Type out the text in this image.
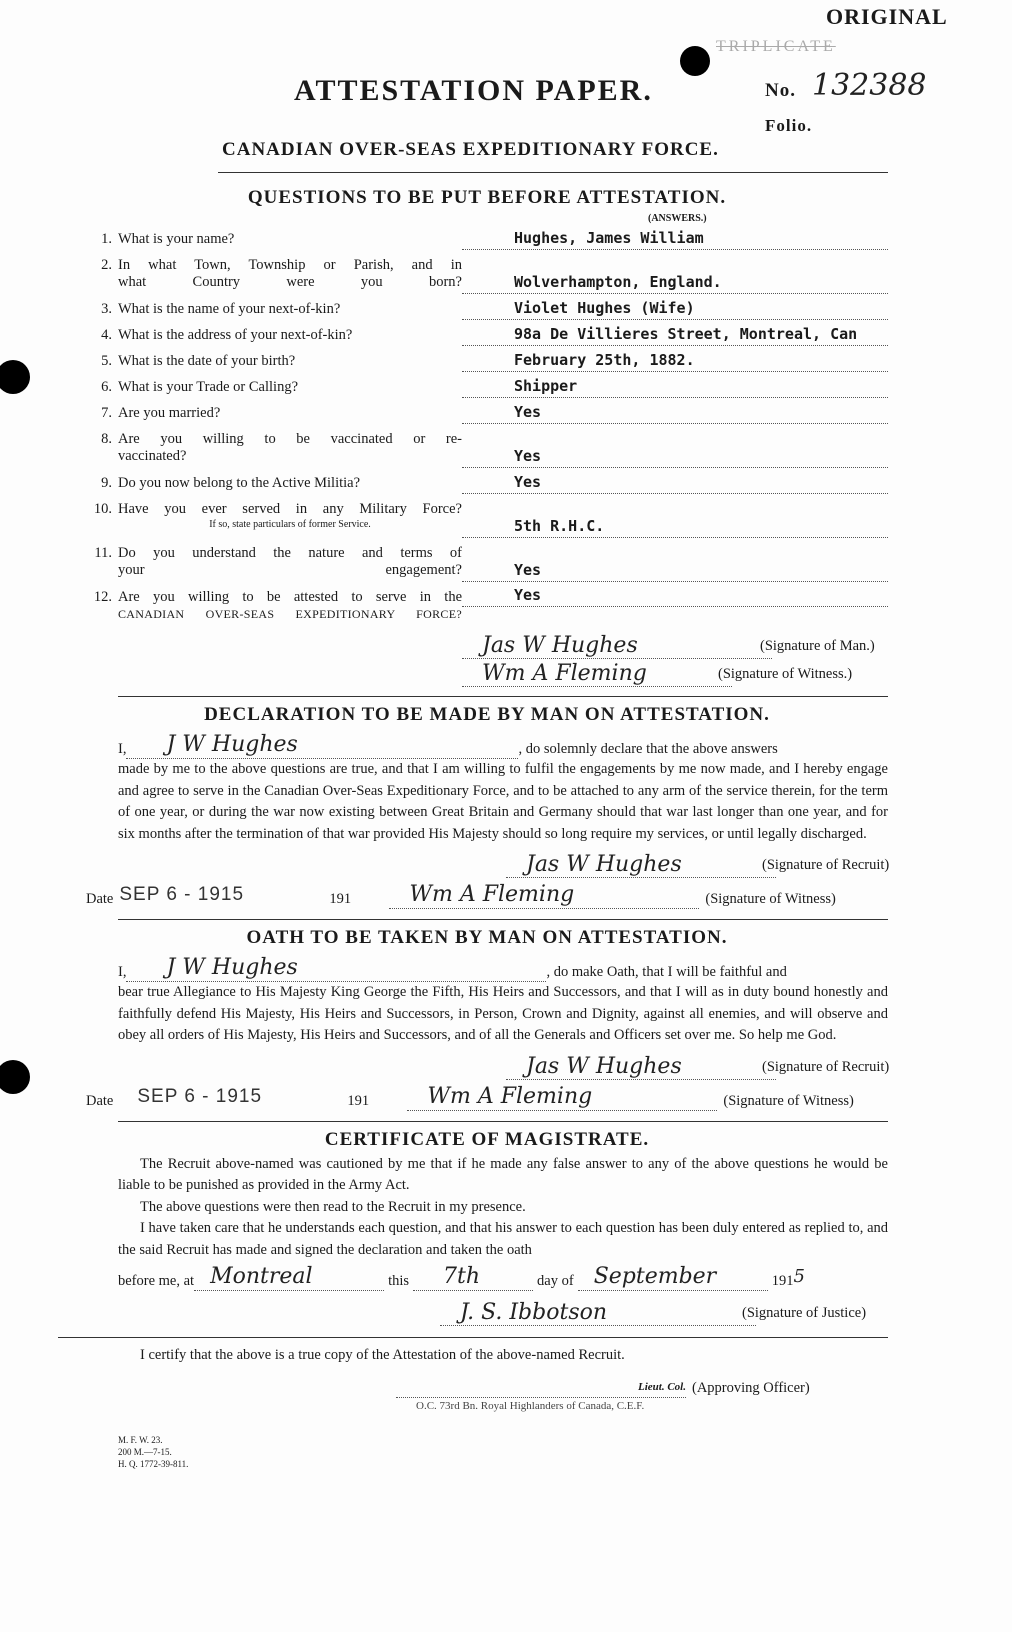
ORIGINAL
TRIPLICATE
No. 132388
ATTESTATION PAPER.
Folio.
CANADIAN OVER-SEAS EXPEDITIONARY FORCE.
QUESTIONS TO BE PUT BEFORE ATTESTATION.
(ANSWERS.)
1. What is your name?	Hughes, James William
2. In what Town, Township or Parish, and in
what Country were you born?	Wolverhampton, England.
3. What is the name of your next-of-kin?	Violet Hughes (Wife)
4. What is the address of your next-of-kin?	98a De Villieres Street, Montreal, Can
5. What is the date of your birth?	February 25th, 1882.
6. What is your Trade or Calling?	Shipper
7. Are you married?	Yes
8. Are you willing to be vaccinated or re-
vaccinated?	Yes
9. Do you now belong to the Active Militia?	Yes
10. Have you ever served in any Military Force?
If so, state particulars of former Service.	5th R.H.C.
11. Do you understand the nature and terms of
your engagement?	Yes
12. Are you willing to be attested to serve in the
CANADIAN OVER-SEAS EXPEDITIONARY FORCE?
Yes
Jas W Hughes	(Signature of Man.)
Wm A Fleming	(Signature of Witness.)
DECLARATION TO BE MADE BY MAN ON ATTESTATION.
I,	J W Hughes	, do solemnly declare that the above answers
made by me to the above questions are true, and that I am willing to fulfil the engagements by me now made, and I hereby engage and agree to serve in the Canadian Over-Seas Expeditionary Force, and to be attached to any arm of the service therein, for the term of one year, or during the war now existing between Great Britain and Germany should that war last longer than one year, and for six months after the termination of that war provided His Majesty should so long require my services, or until legally discharged.
Jas W Hughes	(Signature of Recruit)
Date SEP 6 - 1915	191	Wm A Fleming	(Signature of Witness)
OATH TO BE TAKEN BY MAN ON ATTESTATION.
I,	J W Hughes	, do make Oath, that I will be faithful and
bear true Allegiance to His Majesty King George the Fifth, His Heirs and Successors, and that I will as in duty bound honestly and faithfully defend His Majesty, His Heirs and Successors, in Person, Crown and Dignity, against all enemies, and will observe and obey all orders of His Majesty, His Heirs and Successors, and of all the Generals and Officers set over me. So help me God.
Jas W Hughes	(Signature of Recruit)
Date	SEP 6 - 1915	191	Wm A Fleming	(Signature of Witness)
CERTIFICATE OF MAGISTRATE.
The Recruit above-named was cautioned by me that if he made any false answer to any of the above questions he would be liable to be punished as provided in the Army Act.
The above questions were then read to the Recruit in my presence.
I have taken care that he understands each question, and that his answer to each question has been duly entered as replied to, and the said Recruit has made and signed the declaration and taken the oath
before me, at Montreal	this	7th	day of September	191 5
J. S. Ibbotson	(Signature of Justice)
I certify that the above is a true copy of the Attestation of the above-named Recruit.
Lieut. Col. (Approving Officer)
O.C. 73rd Bn. Royal Highlanders of Canada, C.E.F.
M. F. W. 23.
200 M.—7-15.
H. Q. 1772-39-811.
